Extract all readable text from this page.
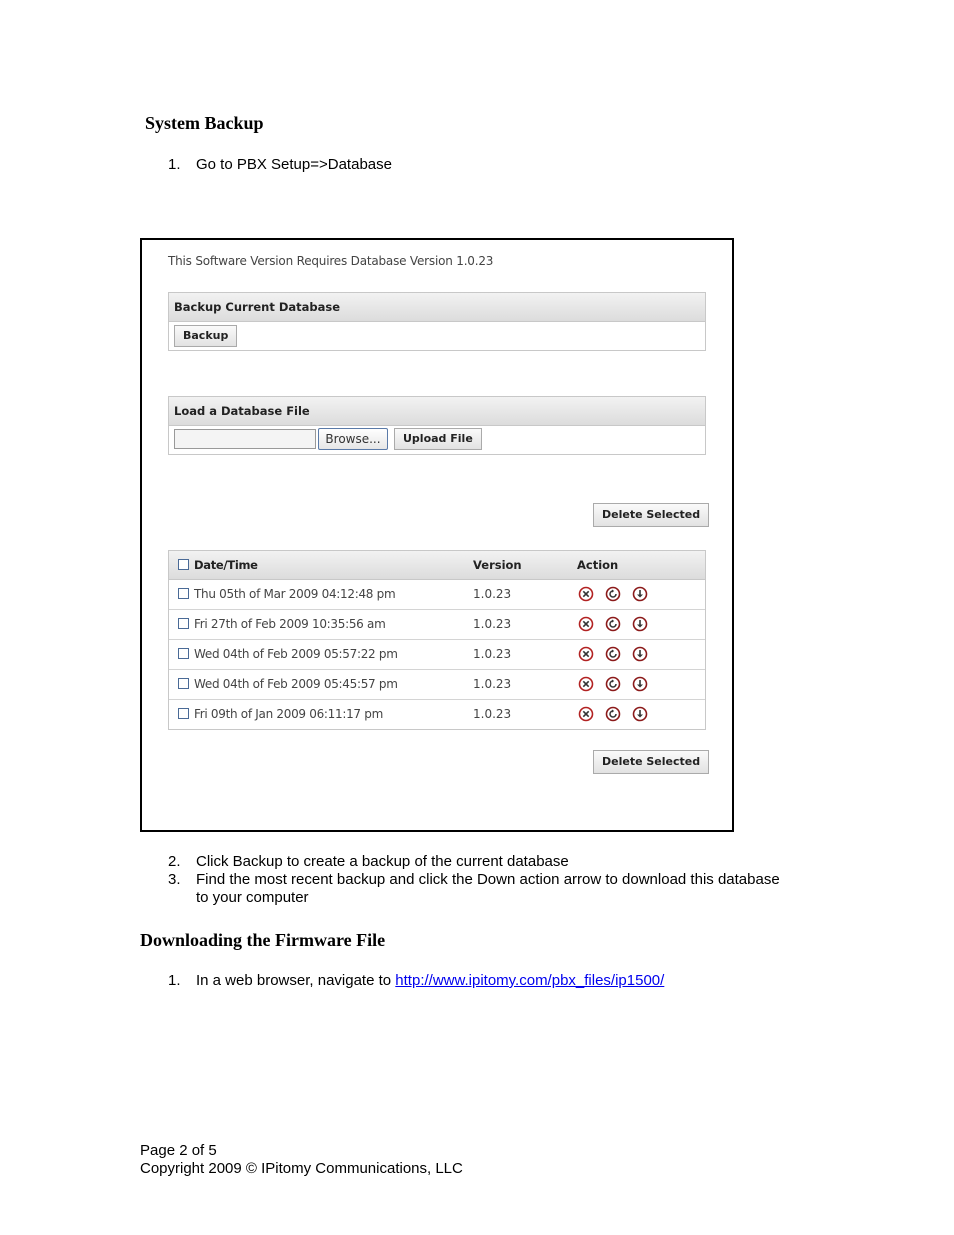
System Backup
1. Go to PBX Setup=>Database
This Software Version Requires Database Version 1.0.23
Backup Current Database
Backup
Load a Database File
Browse...	Upload File
Delete Selected
Date/Time	Version	Action
Thu 05th of Mar 2009 04:12:48 pm	1.0.23
Fri 27th of Feb 2009 10:35:56 am	1.0.23
Wed 04th of Feb 2009 05:57:22 pm	1.0.23
Wed 04th of Feb 2009 05:45:57 pm	1.0.23
Fri 09th of Jan 2009 06:11:17 pm	1.0.23
Delete Selected
2. Click Backup to create a backup of the current database
3. Find the most recent backup and click the Down action arrow to download this database
to your computer
Downloading the Firmware File
1. In a web browser, navigate to http://www.ipitomy.com/pbx_files/ip1500/
Page 2 of 5
Copyright 2009 © IPitomy Communications, LLC
